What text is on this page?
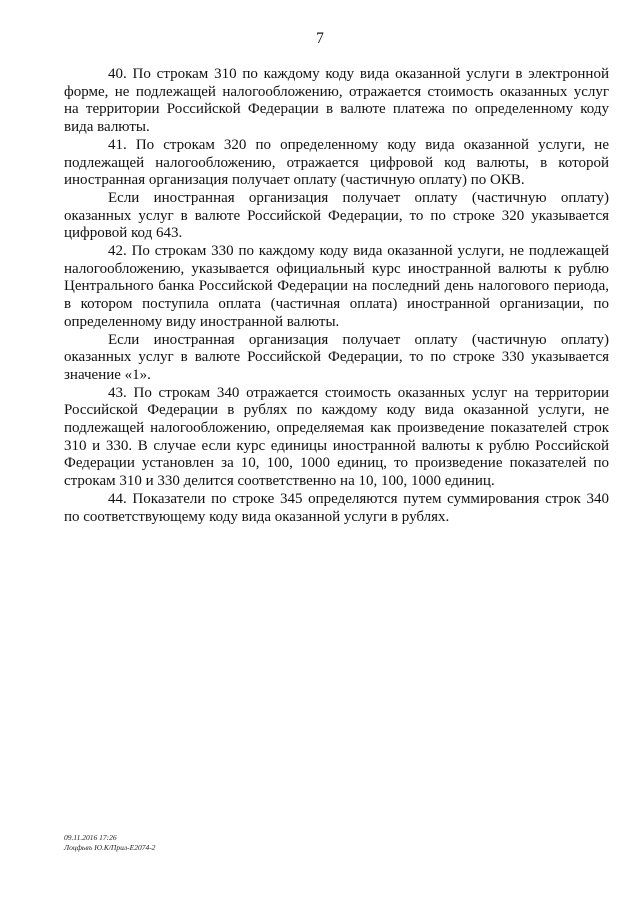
7

40. По строкам 310 по каждому коду вида оказанной услуги в электронной форме, не подлежащей налогообложению, отражается стоимость оказанных услуг на территории Российской Федерации в валюте платежа по определенному коду вида валюты.

41. По строкам 320 по определенному коду вида оказанной услуги, не подлежащей налогообложению, отражается цифровой код валюты, в которой иностранная организация получает оплату (частичную оплату) по ОКВ.

Если иностранная организация получает оплату (частичную оплату) оказанных услуг в валюте Российской Федерации, то по строке 320 указывается цифровой код 643.

42. По строкам 330 по каждому коду вида оказанной услуги, не подлежащей налогообложению, указывается официальный курс иностранной валюты к рублю Центрального банка Российской Федерации на последний день налогового периода, в котором поступила оплата (частичная оплата) иностранной организации, по определенному виду иностранной валюты.

Если иностранная организация получает оплату (частичную оплату) оказанных услуг в валюте Российской Федерации, то по строке 330 указывается значение «1».

43. По строкам 340 отражается стоимость оказанных услуг на территории Российской Федерации в рублях по каждому коду вида оказанной услуги, не подлежащей налогообложению, определяемая как произведение показателей строк 310 и 330. В случае если курс единицы иностранной валюты к рублю Российской Федерации установлен за 10, 100, 1000 единиц, то произведение показателей по строкам 310 и 330 делится соответственно на 10, 100, 1000 единиц.

44. Показатели по строке 345 определяются путем суммирования строк 340 по соответствующему коду вида оказанной услуги в рублях.

09.11.2016 17:26
Лоцфьвъ Ю.К/Прил-Е2074-2
